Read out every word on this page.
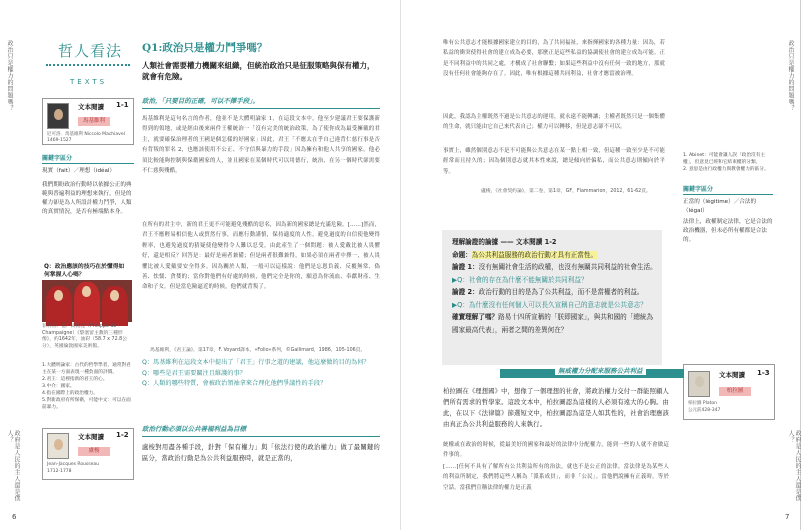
政治只是權力的問題嗎？
政府是人民的主人還是僕人？
6
哲人看法
TEXTS
文本閱讀 1-1
馬基維利
尼可洛．馬基維利 Niccolo Machiavel
1469-1527
關鍵字區分
現實（fait）／理想（idéal）
我們期盼政治行動時以依據公正的典範與普遍利益的理想來執行，但是的權力卻是為人所設計權力鬥爭，人類的真實情況，是否有極端點本身。
Q：政治應該的技巧在於懂得如何掌握人心嗎？
菲利普．德．尚帕涅（Philippe de Champaigne）《黎塞留主教的三種形像》，約1642年，油彩（58.7 x 72.8公分），英國倫敦國家美術館。
1.大體明論家：古代的哲學學者，通常對君主在某一方面表現一種負面的評價。
2.君王：這裡指新的君王的心。
3.中介：國家。
4.指在國際上的政治權力。
5.對新政府有所保衛，可能中文：可以在面前暴力。
文本閱讀 1-2
盧梭
Jean-Jacques Rousseau
1712-1778
Q1:政治只是權力鬥爭嗎？
人類社會需要權力機關來組織，但統治政治只是征服策略與保有權力，就會有危險。
政治，「只要目的正確，可以不擇手段」。
馬基維利是這句名言的作者，他並不是大體明論家 1，在這段文本中，他至少建議君王要保護新得到的領地，或是經由後來兩件王權統治一「沒有完美的統治政策，為了使你成為最受擁戴的君主，就要確保治理者的王國是個怎樣的好國家」因此，君王「不應太在乎自己違背仁慈行事是否有背叛的罪名 2，也應該使用不公正、不守信與暴力的手段」因為擁有和他人共享的國家，他必須比較能夠控制與保衛國家的人，並且國家在某個時代可以用德行，統治，在另一個時代卻需要不仁慈與殘酷。
在所有的君主中，新的君王更不可能避免殘酷的惡名，因為新的國家總是充滿危險。[……]然而，君王不應輕易相信他人或貿然行事，而應行動謹慎，保持適度的人性，避免過度的自信使他變得輕率，也避免過度的猜疑使他變得令人難以忍受。由此產生了一個問題：被人愛戴比被人畏懼好，還是相反？回答是：最好是兩者兼備；但是兩者很難兼得，如果必須在兩者中擇一，被人畏懼比被人愛戴要安全得多。因為關於人類，一般可以這樣說：他們是忘恩負義、反覆無常、偽善、怯懦、貪婪的；當你對他們有好處的時候，他們完全是你的，願意為你流血、奉獻財產、生命和子女。但是當危險逼近的時候，他們就背叛了。
馬基維利，《君王論》，第17章，F. Voyard譯本，«Folio»系列，©Gallimard，1986，105-106頁。

Q：馬基維利在這段文本中提出了「君王」行事之道的建議，他這麼做的目的為何？

Q：哪些是君王需要關注且維護的事？

Q：人類的哪些特質，會被政治領袖拿來合理化他們爭議性的手段？

政治行動必須以公共善福利益為目標
盧梭對用盡各種手段，針對「保有權力」與「依法行使的政治權力」做了最關鍵的區分，當政治行動是為公共利益服務時，就是正當的，
政治只是權力的問題嗎？
政府是人民的主人還是僕人？
7
唯有公共意志才能根據國家建立的目的，為了共同福祉，來指揮國家的各種力量：因為，若私益的衝突使得社會的建立成為必要，那麼正是這些私益的協調使社會的建立成為可能。正是不同利益中的共同之處，才構成了社會聯繫；如果這些利益中沒有任何一致的地方，那就沒有任何社會能夠存在了。因此，唯有根據這種共同利益，社會才應當被治理。
因此，我認為主權既然不過是公共意志的運用，就永遠不能轉讓；主權者既然只是一個集體的生命，就只能由它自己來代表自己；權力可以轉移，但是意志卻不可以。
事實上，雖然個別意志不是不可能與公共意志在某一點上相一致，但這種一致至少是不可能經常而且持久的；因為個別意志就其本性來說，總是傾向於偏私，而公共意志則傾向於平等。
盧梭，《社會契約論》，第二卷，第1章，GF，Flammarion，2012，61-62頁。
1. Abinet：可能會讓人誤「政治沒有主權」，但意見已經和它結束權的分類。
2. 意思是由行政權力與教會權力的區分。
關鍵字區分
正當的（légitime）／合法的（légal）
法律上，政權制定法律，它是合法的政治機器，但未必所有權都是合法的。
文本閱讀 1-3
柏拉圖
柏拉圖 Platon
公元前428-347
柏拉圖在《理想國》中，想像了一個理想的社會，將政治權力交付一群能照顧人們所有需求的哲學家。這段文本中，柏拉圖認為這樣的人必須有遠大的心胸。由此，在以下《法律篇》節選短文中，柏拉圖認為這是人如其性的，社會治理應該由真正為公共利益服務的人來執行。
統權或在政治的時候，從最美好的國家和最好的法律中分配權力，能到一些的人就不會做這件事的。
[……]任何不具有了解所有公共利益所有的治法，就也不是公正的法律，當法律是為某些人的利益所制定，我們將這些人稱為「派系成員」，而非「公民」。當他們說擁有正義時，等於空話。當我們宣稱法律的權力是正義
理解論證的論據 —— 文本閱讀 1-2
命題：為公共利益服務的政治行動才具有正當性。
論證 1：沒有無關社會生活的政權，也沒有無關共同利益的社會生活。▶Q：社會的存在為什麼不能無關於共同利益？
論證 2：政治行動的目的是為了公共利益，而不是當權者的利益。▶Q：為什麼沒有任何個人可以長久宣稱自己的意志就是公共意志？
確實理解了嗎？路易十四所宣稱的「朕即國家」，與共和國的「總統為國家最高代表」，兩者之間的差異何在？
無威權力分配來服務公共利益
